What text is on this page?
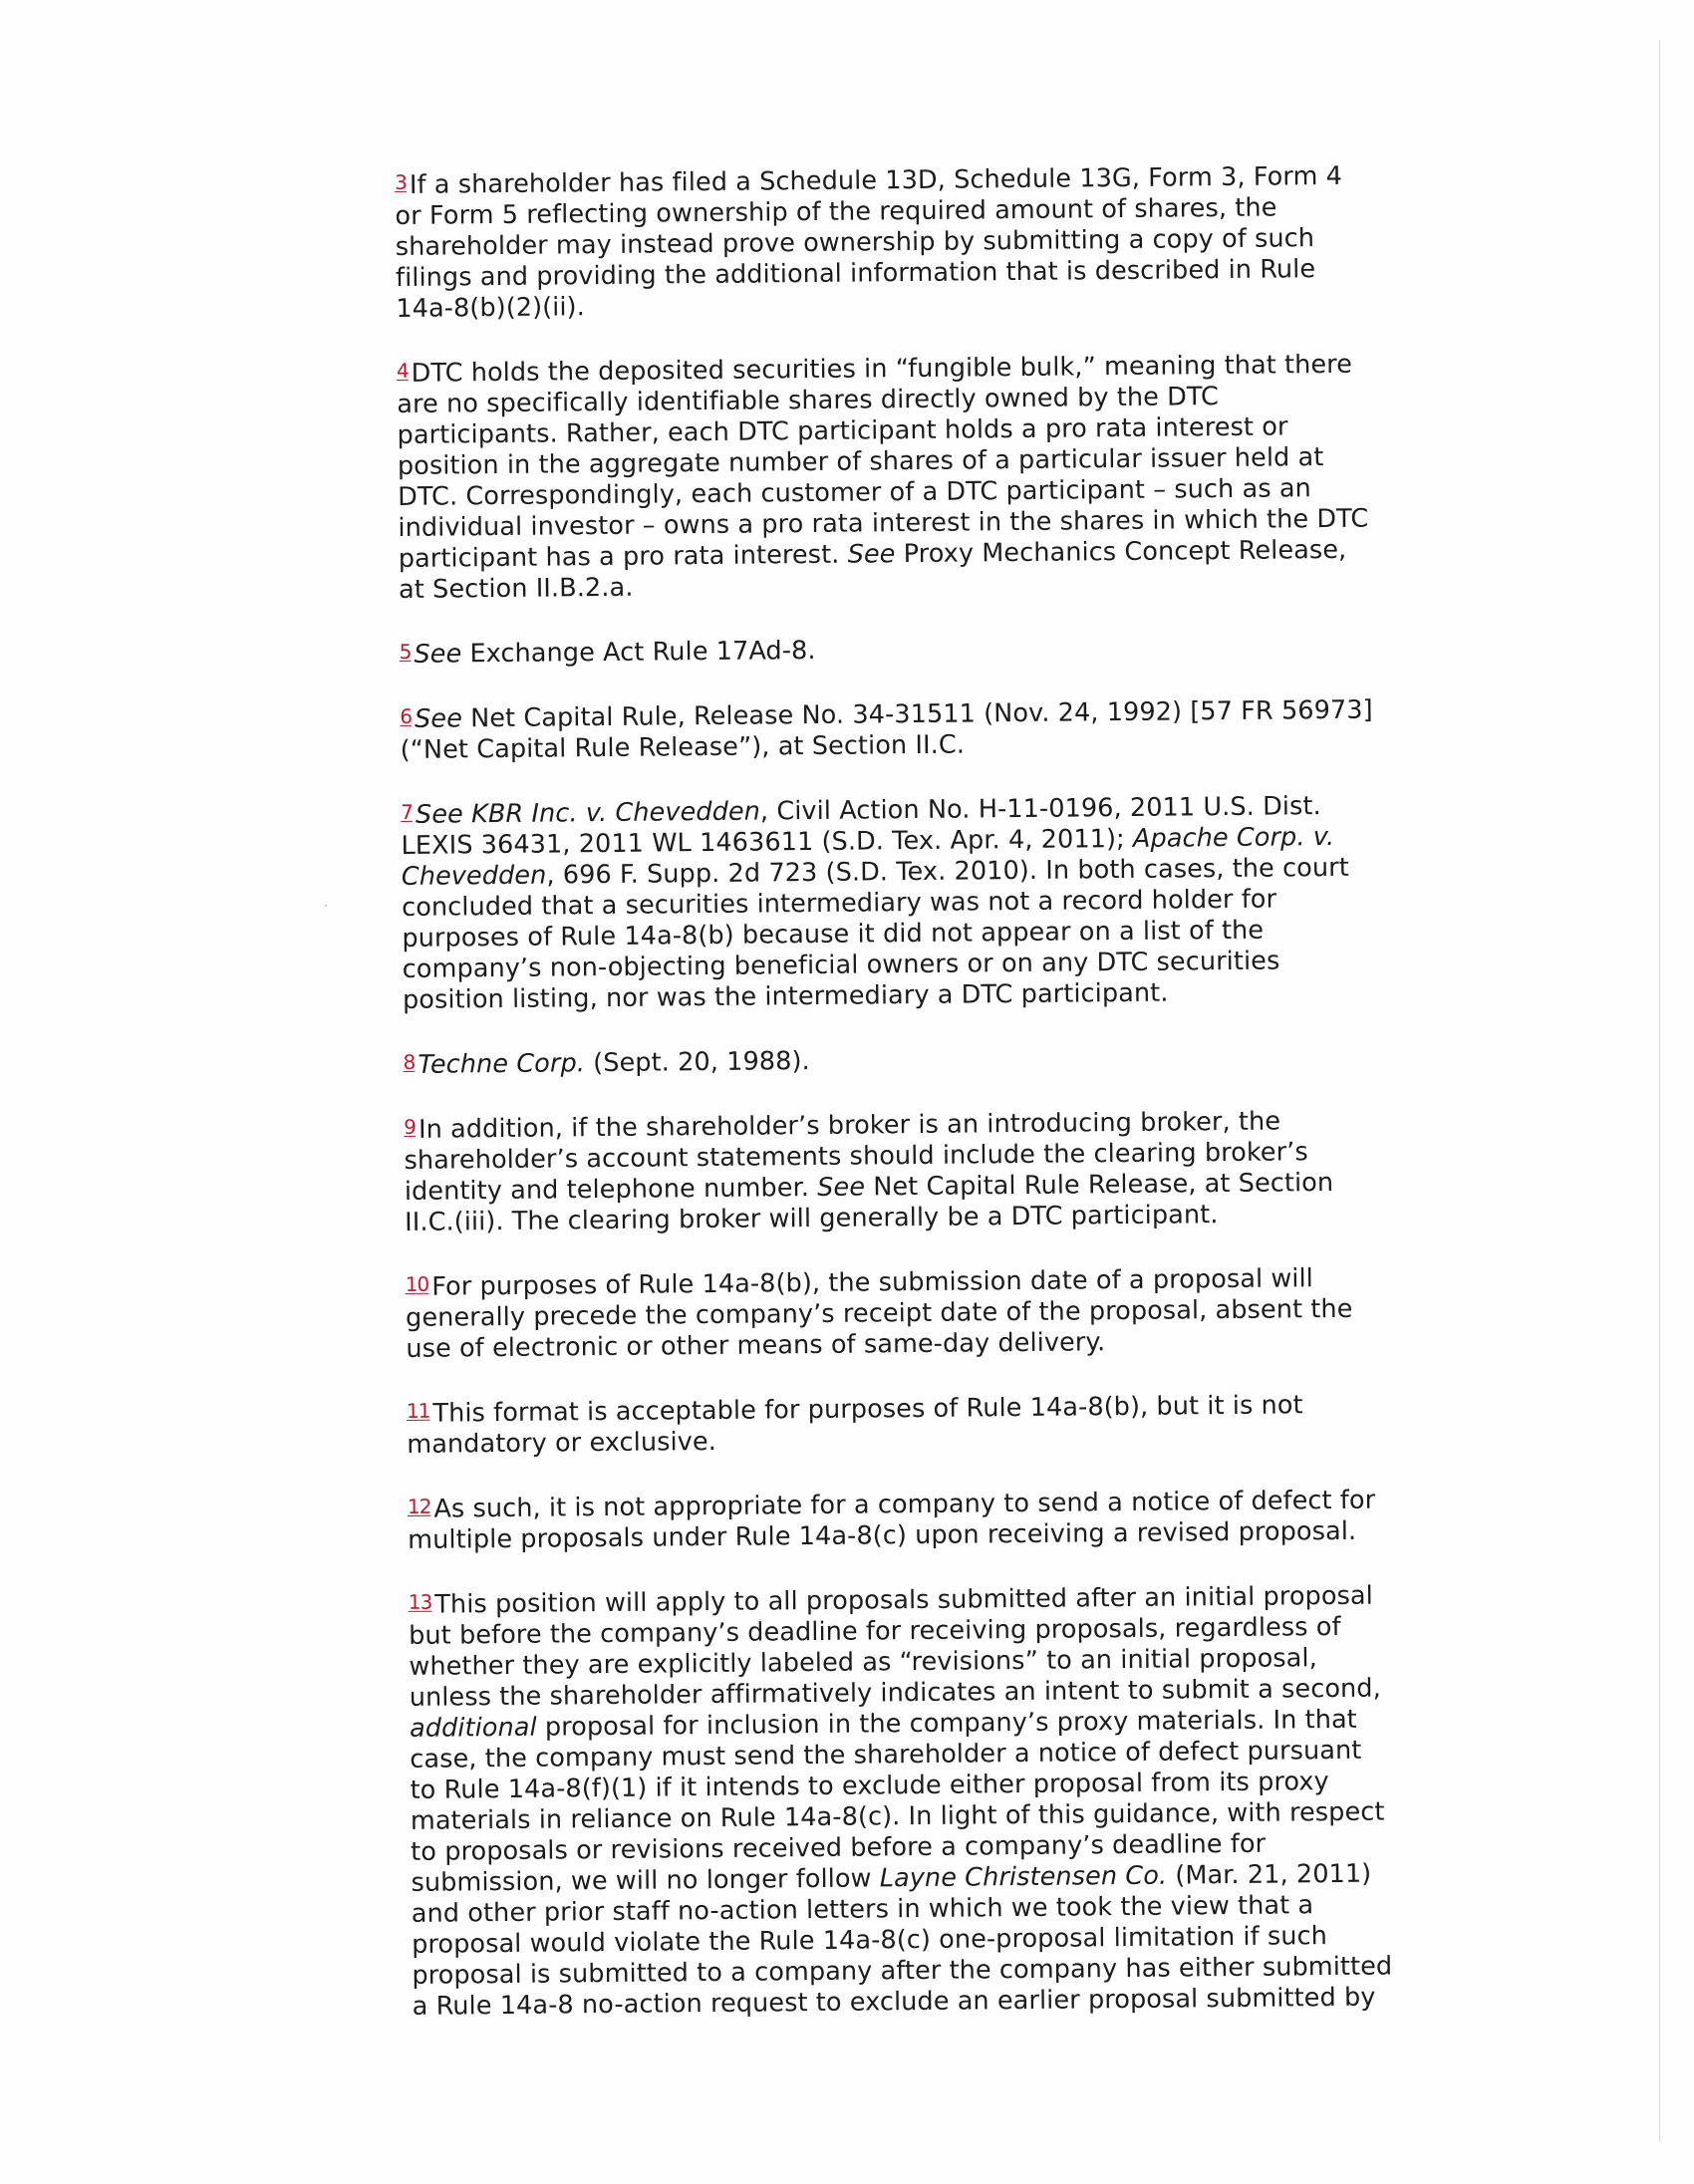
3 If a shareholder has filed a Schedule 13D, Schedule 13G, Form 3, Form 4 or Form 5 reflecting ownership of the required amount of shares, the shareholder may instead prove ownership by submitting a copy of such filings and providing the additional information that is described in Rule 14a-8(b)(2)(ii).

4 DTC holds the deposited securities in “fungible bulk,” meaning that there are no specifically identifiable shares directly owned by the DTC participants. Rather, each DTC participant holds a pro rata interest or position in the aggregate number of shares of a particular issuer held at DTC. Correspondingly, each customer of a DTC participant – such as an individual investor – owns a pro rata interest in the shares in which the DTC participant has a pro rata interest. See Proxy Mechanics Concept Release, at Section II.B.2.a.

5 See Exchange Act Rule 17Ad-8.

6 See Net Capital Rule, Release No. 34-31511 (Nov. 24, 1992) [57 FR 56973] (“Net Capital Rule Release”), at Section II.C.

7 See KBR Inc. v. Chevedden, Civil Action No. H-11-0196, 2011 U.S. Dist. LEXIS 36431, 2011 WL 1463611 (S.D. Tex. Apr. 4, 2011); Apache Corp. v. Chevedden, 696 F. Supp. 2d 723 (S.D. Tex. 2010). In both cases, the court concluded that a securities intermediary was not a record holder for purposes of Rule 14a-8(b) because it did not appear on a list of the company’s non-objecting beneficial owners or on any DTC securities position listing, nor was the intermediary a DTC participant.

8 Techne Corp. (Sept. 20, 1988).

9 In addition, if the shareholder’s broker is an introducing broker, the shareholder’s account statements should include the clearing broker’s identity and telephone number. See Net Capital Rule Release, at Section II.C.(iii). The clearing broker will generally be a DTC participant.

10 For purposes of Rule 14a-8(b), the submission date of a proposal will generally precede the company’s receipt date of the proposal, absent the use of electronic or other means of same-day delivery.

11 This format is acceptable for purposes of Rule 14a-8(b), but it is not mandatory or exclusive.

12 As such, it is not appropriate for a company to send a notice of defect for multiple proposals under Rule 14a-8(c) upon receiving a revised proposal.

13 This position will apply to all proposals submitted after an initial proposal but before the company’s deadline for receiving proposals, regardless of whether they are explicitly labeled as “revisions” to an initial proposal, unless the shareholder affirmatively indicates an intent to submit a second, additional proposal for inclusion in the company’s proxy materials. In that case, the company must send the shareholder a notice of defect pursuant to Rule 14a-8(f)(1) if it intends to exclude either proposal from its proxy materials in reliance on Rule 14a-8(c). In light of this guidance, with respect to proposals or revisions received before a company’s deadline for submission, we will no longer follow Layne Christensen Co. (Mar. 21, 2011) and other prior staff no-action letters in which we took the view that a proposal would violate the Rule 14a-8(c) one-proposal limitation if such proposal is submitted to a company after the company has either submitted a Rule 14a-8 no-action request to exclude an earlier proposal submitted by
